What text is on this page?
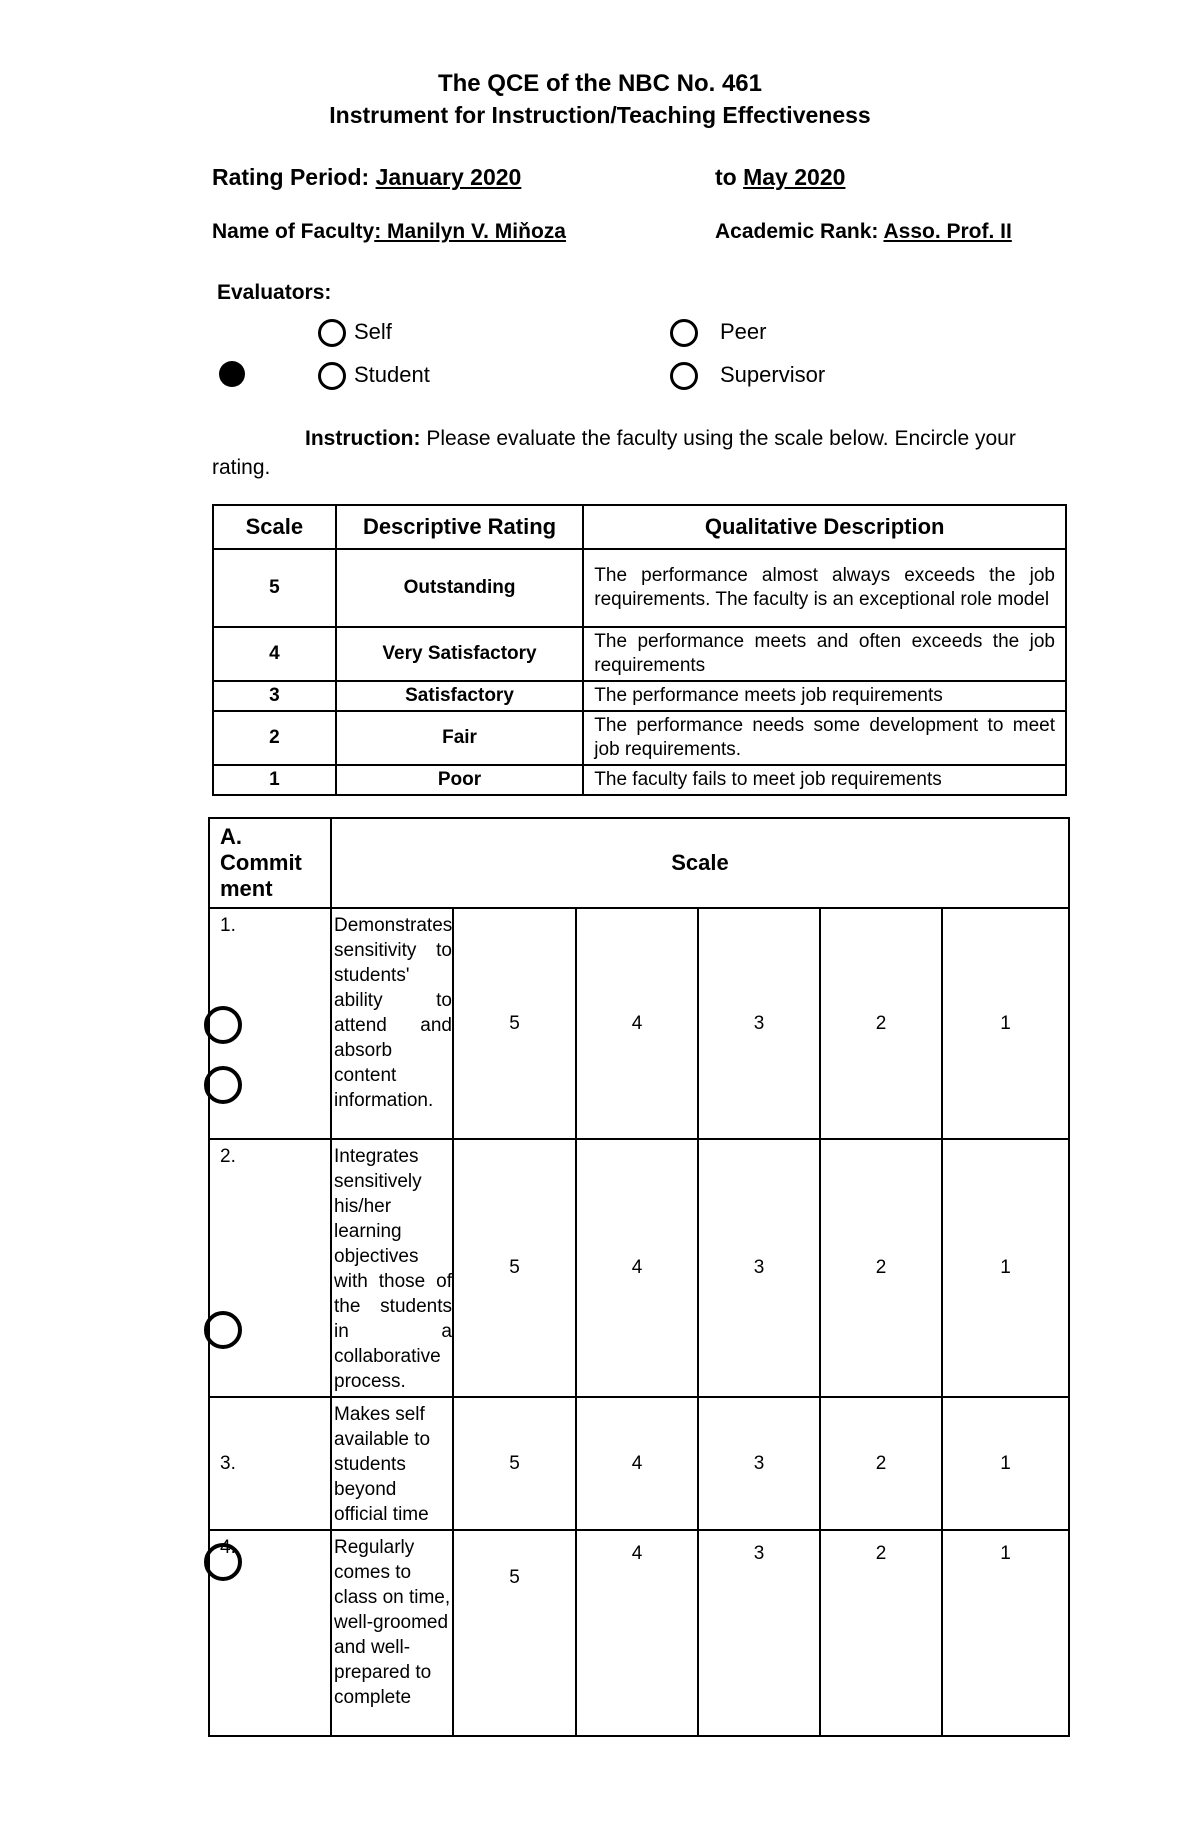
The QCE of the NBC No. 461
Instrument for Instruction/Teaching Effectiveness
Rating Period: January 2020	to May 2020
Name of Faculty: Manilyn V. Miňoza	Academic Rank: Asso. Prof. II
Evaluators:
Self	Peer
Student	Supervisor
Instruction: Please evaluate the faculty using the scale below. Encircle your rating.
Scale	Descriptive Rating	Qualitative Description
5	Outstanding	The performance almost always exceeds the job requirements. The faculty is an exceptional role model
4	Very Satisfactory	The performance meets and often exceeds the job requirements
3	Satisfactory	The performance meets job requirements
2	Fair	The performance needs some development to meet job requirements.
1	Poor	The faculty fails to meet job requirements
A. Commit ment	Scale					
1.	Demonstrates sensitivity to students' ability to attend and absorb content information.	5	4	3	2	1
2.	Integrates sensitively his/her learning objectives with those of the students in a collaborative process.	5	4	3	2	1
3.	Makes self available to students beyond official time	5	4	3	2	1
4.	Regularly comes to class on time, well-groomed and well-prepared to complete	5	4	3	2	1
